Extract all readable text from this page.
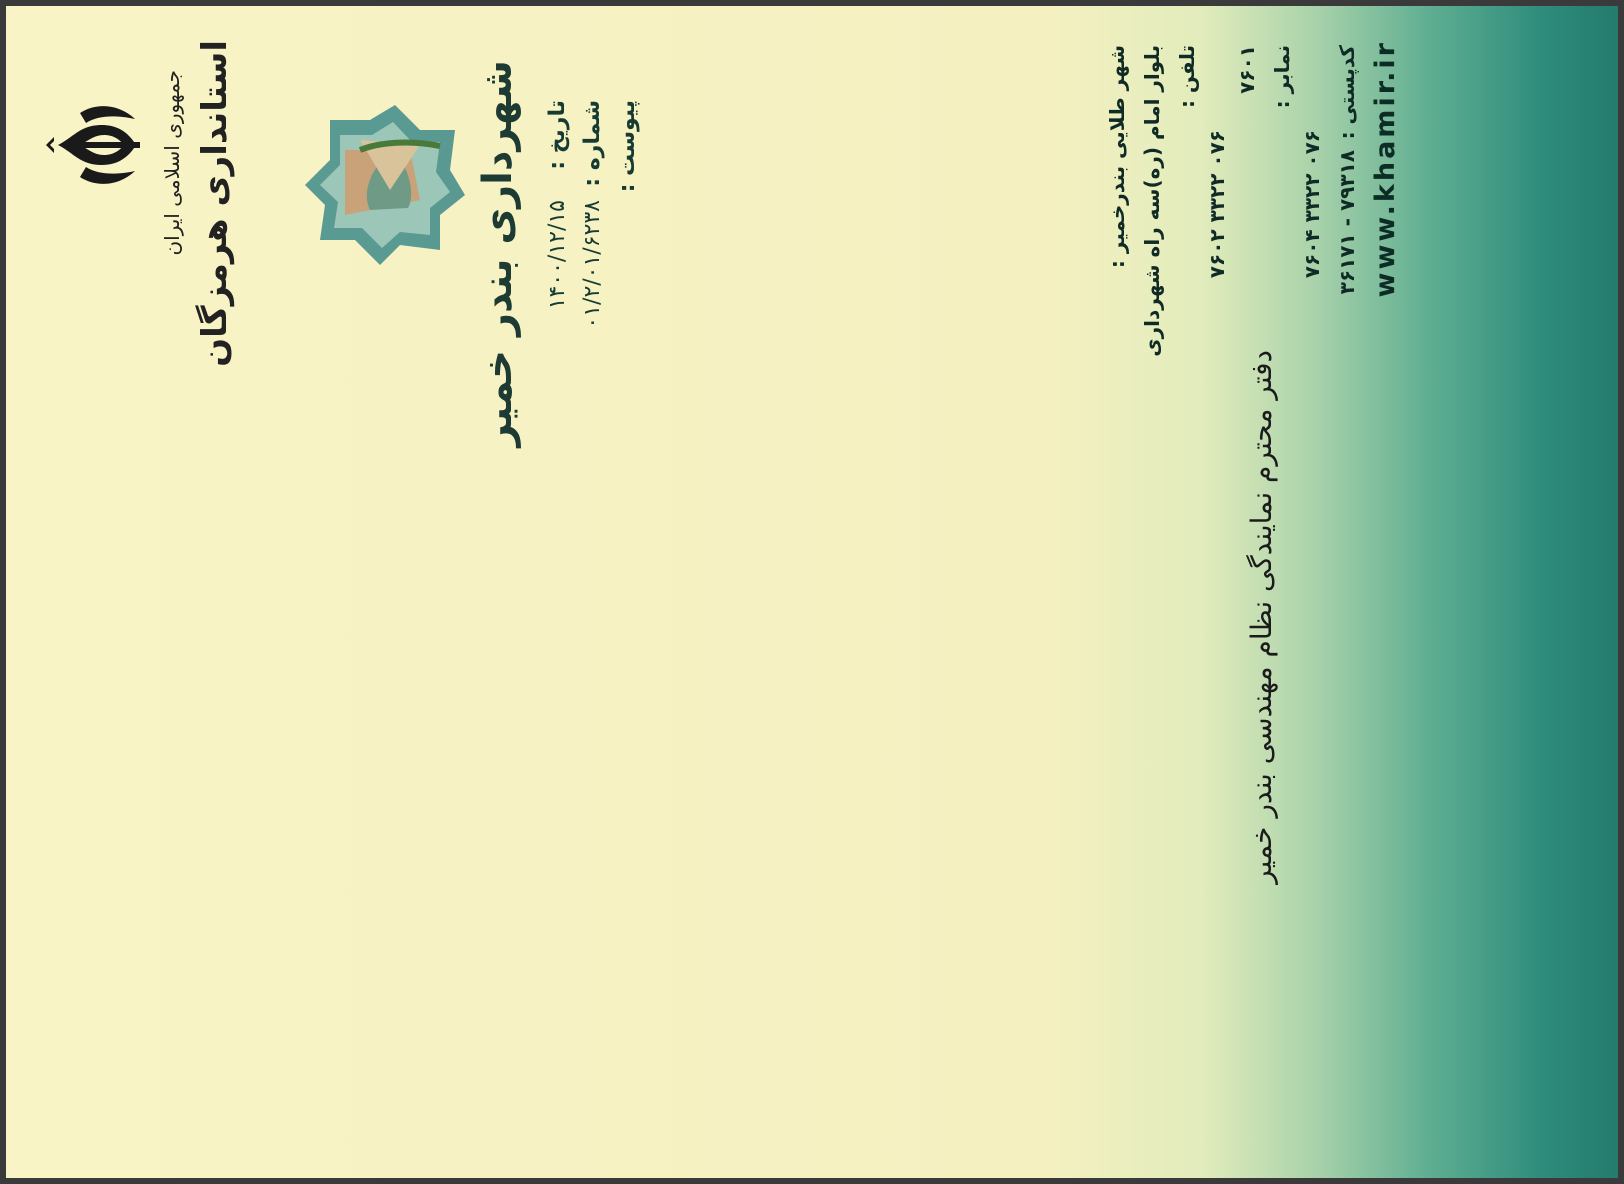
جمهوری اسلامی ایران استانداری هرمزگان	شهرداری بندر خمیر تاریخ :
۱۴۰۰/۱۲/۱۵
شماره :
۰۱/۲/۰۱/۶۲۳۸
پیوست :	شهر طلایی بندرخمیر : بلوار امام (ره)سه راه شهرداری تلفن :
۰۷۶ ۳۳۲۲ ۷۶۰۲
۷۶۰۱ نمابر :
۰۷۶ ۳۳۲۲ ۷۶۰۴
کدپستی :
۷۹۳۱۸ - ۳۶۱۷۱ www.khamir.ir
دفتر محترم نمایندگی نظام مهندسی بندر خمیر
